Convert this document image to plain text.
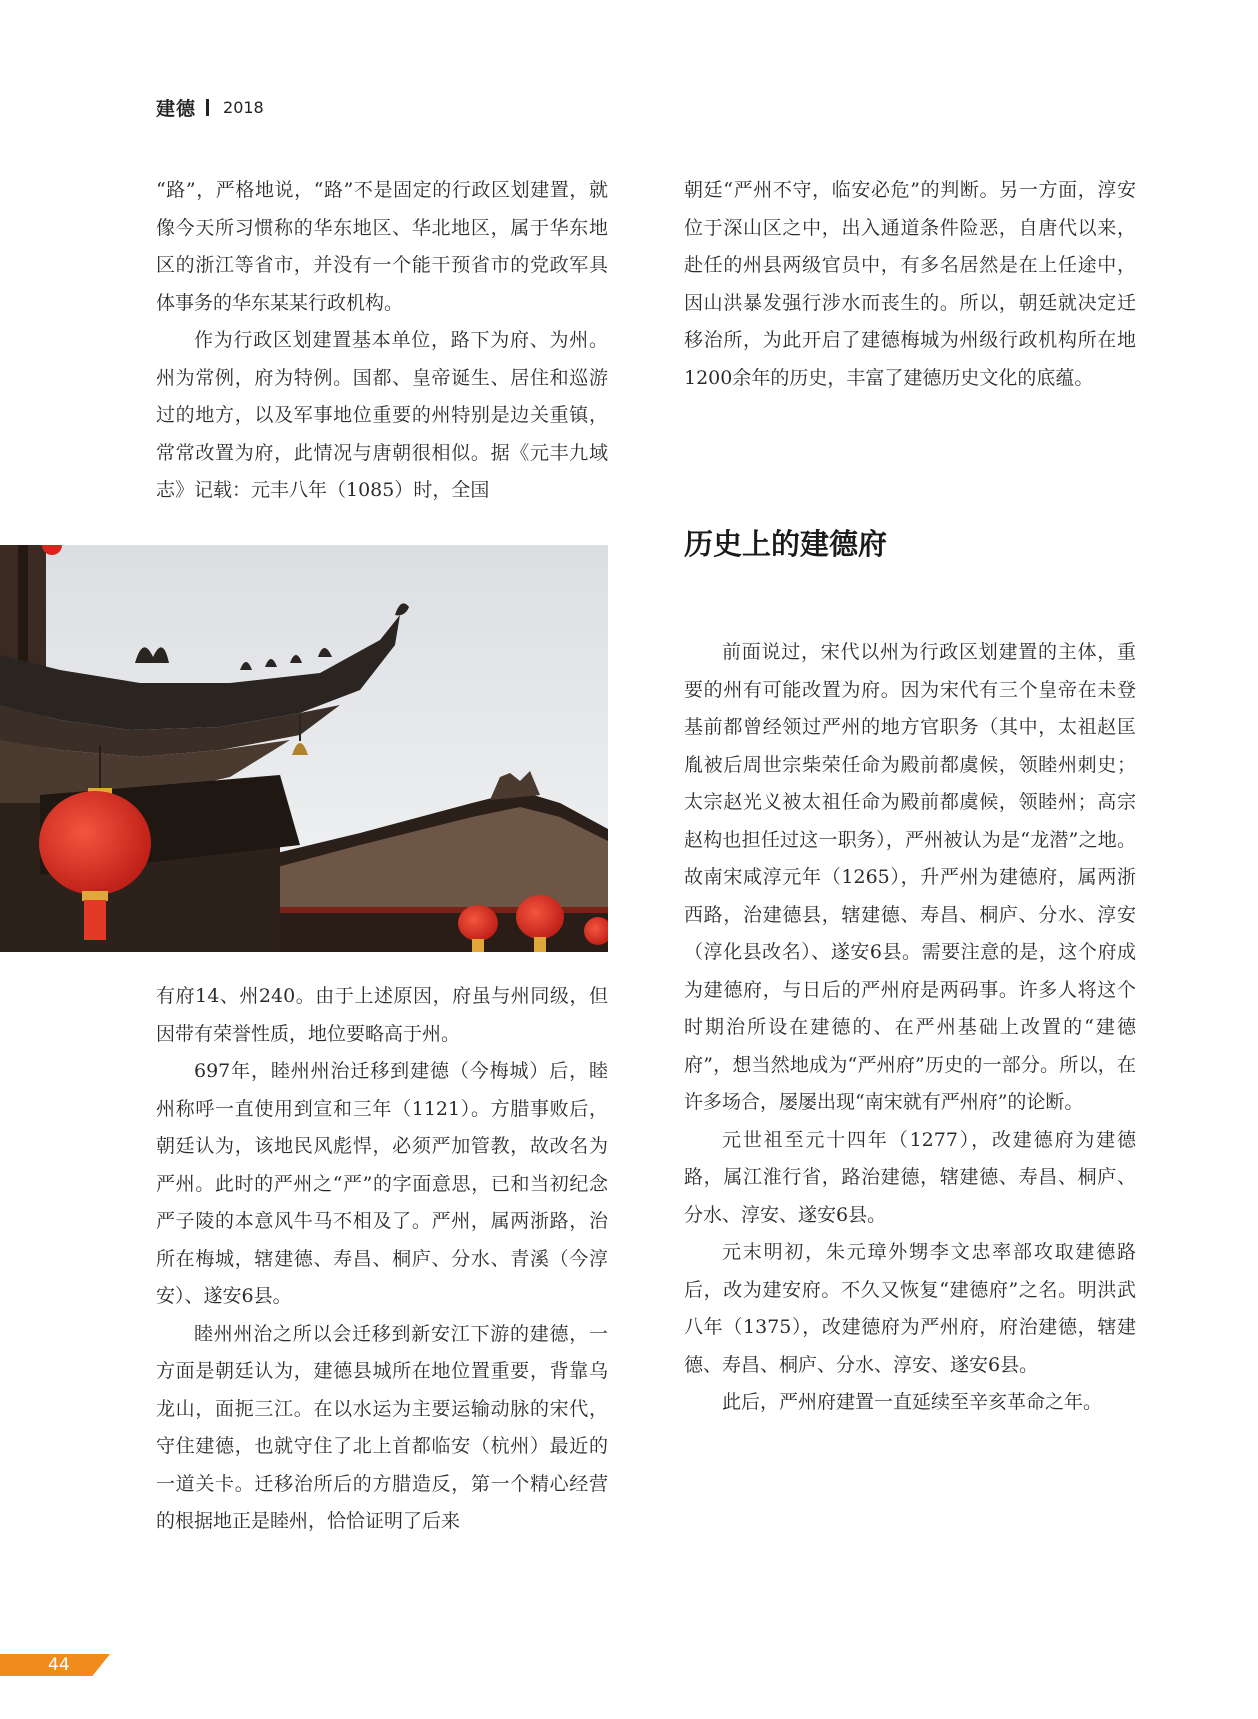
建德 2018

“路”，严格地说，“路”不是固定的行政区划建置，就像今天所习惯称的华东地区、华北地区，属于华东地区的浙江等省市，并没有一个能干预省市的党政军具体事务的华东某某行政机构。

作为行政区划建置基本单位，路下为府、为州。州为常例，府为特例。国都、皇帝诞生、居住和巡游过的地方，以及军事地位重要的州特别是边关重镇，常常改置为府，此情况与唐朝很相似。据《元丰九域志》记载：元丰八年（1085）时，全国

有府14、州240。由于上述原因，府虽与州同级，但因带有荣誉性质，地位要略高于州。

697年，睦州州治迁移到建德（今梅城）后，睦州称呼一直使用到宣和三年（1121）。方腊事败后，朝廷认为，该地民风彪悍，必须严加管教，故改名为严州。此时的严州之“严”的字面意思，已和当初纪念严子陵的本意风牛马不相及了。严州，属两浙路，治所在梅城，辖建德、寿昌、桐庐、分水、青溪（今淳安）、遂安6县。

睦州州治之所以会迁移到新安江下游的建德，一方面是朝廷认为，建德县城所在地位置重要，背靠乌龙山，面扼三江。在以水运为主要运输动脉的宋代，守住建德，也就守住了北上首都临安（杭州）最近的一道关卡。迁移治所后的方腊造反，第一个精心经营的根据地正是睦州，恰恰证明了后来

朝廷“严州不守，临安必危”的判断。另一方面，淳安位于深山区之中，出入通道条件险恶，自唐代以来，赴任的州县两级官员中，有多名居然是在上任途中，因山洪暴发强行涉水而丧生的。所以，朝廷就决定迁移治所，为此开启了建德梅城为州级行政机构所在地1200余年的历史，丰富了建德历史文化的底蕴。

历史上的建德府

前面说过，宋代以州为行政区划建置的主体，重要的州有可能改置为府。因为宋代有三个皇帝在未登基前都曾经领过严州的地方官职务（其中，太祖赵匡胤被后周世宗柴荣任命为殿前都虞候，领睦州刺史；太宗赵光义被太祖任命为殿前都虞候，领睦州；高宗赵构也担任过这一职务），严州被认为是“龙潜”之地。故南宋咸淳元年（1265），升严州为建德府，属两浙西路，治建德县，辖建德、寿昌、桐庐、分水、淳安（淳化县改名）、遂安6县。需要注意的是，这个府成为建德府，与日后的严州府是两码事。许多人将这个时期治所设在建德的、在严州基础上改置的“建德府”，想当然地成为“严州府”历史的一部分。所以，在许多场合，屡屡出现“南宋就有严州府”的论断。

元世祖至元十四年（1277），改建德府为建德路，属江淮行省，路治建德，辖建德、寿昌、桐庐、分水、淳安、遂安6县。

元末明初，朱元璋外甥李文忠率部攻取建德路后，改为建安府。不久又恢复“建德府”之名。明洪武八年（1375），改建德府为严州府，府治建德，辖建德、寿昌、桐庐、分水、淳安、遂安6县。

此后，严州府建置一直延续至辛亥革命之年。

44
